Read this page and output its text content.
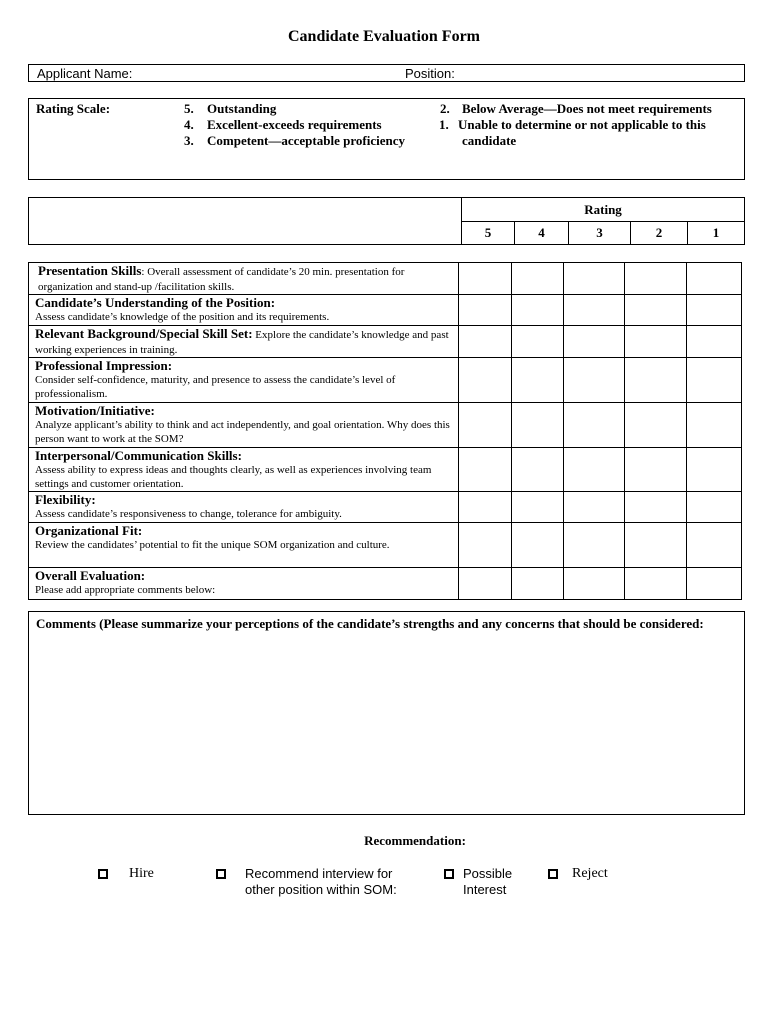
Candidate Evaluation Form
Applicant Name:	Position:
Rating Scale:	5. Outstanding
4. Excellent-exceeds requirements
3. Competent—acceptable proficiency
2. Below Average—Does not meet requirements
1. Unable to determine or not applicable to this
candidate
	Rating				
	5	4	3	2	1
Presentation Skills: Overall assessment of candidate’s 20 min. presentation for organization and stand-up /facilitation skills.					

Candidate’s Understanding of the Position:
Assess candidate’s knowledge of the position and its requirements.					

Relevant Background/Special Skill Set: Explore the candidate’s knowledge and past working experiences in training.					

Professional Impression:
Consider self-confidence, maturity, and presence to assess the candidate’s level of professionalism.					

Motivation/Initiative:
Analyze applicant’s ability to think and act independently, and goal orientation. Why does this person want to work at the SOM?					

Interpersonal/Communication Skills:
Assess ability to express ideas and thoughts clearly, as well as experiences involving team settings and customer orientation.					

Flexibility:
Assess candidate’s responsiveness to change, tolerance for ambiguity.					

Organizational Fit:
Review the candidates’ potential to fit the unique SOM organization and culture.					

Overall Evaluation:
Please add appropriate comments below:					

Comments (Please summarize your perceptions of the candidate’s strengths and any concerns that should be considered:
Recommendation:
Hire	Recommend interview for
other position within SOM:
Possible
Interest
Reject
